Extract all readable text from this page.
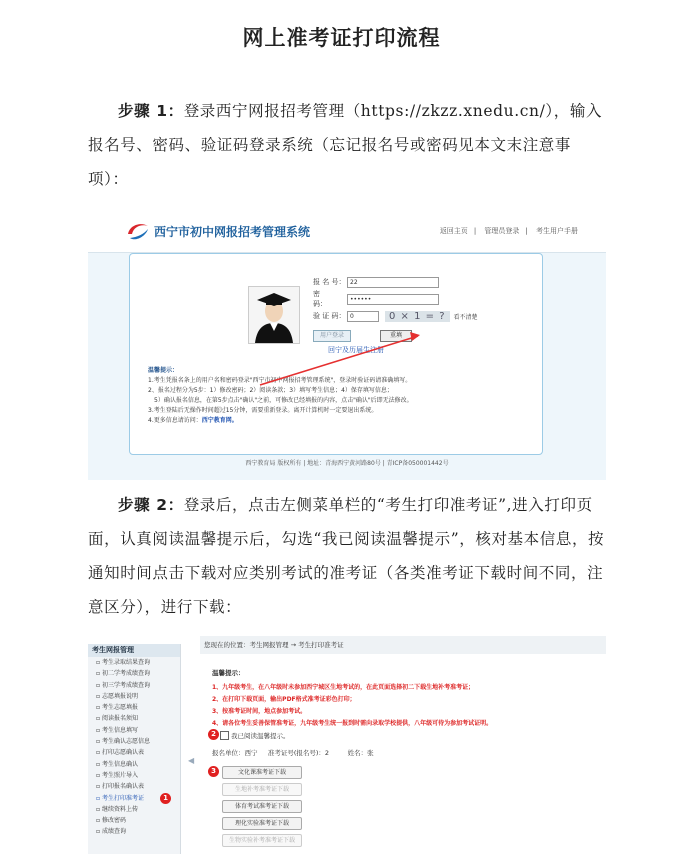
网上准考证打印流程
步骤 1：登录西宁网报招考管理（https://zkzz.xnedu.cn/），输入报名号、密码、验证码登录系统（忘记报名号或密码见本文末注意事项）：
西宁市初中网报招考管理系统	返回主页 | 管理员登录 | 考生用户手册
报 名 号： 22
密　　码：
••••••
验 证 码： 0	0 × 1 = ?	看不清楚
用户登录	重填
回宁及历届生注册
温馨提示：
1.考生凭报名条上的用户名和密码登录"西宁市初中网报招考管理系统"，登录时验证码请准确填写。
2、报名过程分为5步：1）修改密码；2）阅读条款；3）填写考生信息；4）保存填写信息；
　5）确认报名信息，在第5步点击"确认"之前，可修改已经填报的内容，点击"确认"后即无法修改。
3.考生登陆后无操作时间超过15分钟，需要重新登录。离开计算机时一定要退出系统。
4.更多信息请访问：西宁教育网。
西宁教育局 版权所有 | 地址：青海西宁黄河路80号 | 青ICP备050001442号
步骤 2：登录后，点击左侧菜单栏的“考生打印准考证”,进入打印页面，认真阅读温馨提示后，勾选“我已阅读温馨提示”，核对基本信息，按通知时间点击下载对应类别考试的准考证（各类准考证下载时间不同，注意区分），进行下载：
考生网报管理
▫ 考生录取结果查询
▫ 初二学考成绩查询
▫ 初三学考成绩查询
▫ 志愿填报说明
▫ 考生志愿填报
▫ 阅读报名须知
▫ 考生信息填写
▫ 考生确认志愿信息
▫ 打印志愿确认表
▫ 考生信息确认
▫ 考生照片导入
▫ 打印报名确认表
▫ 考生打印准考证	1
▫ 继续资料上传
▫ 修改密码
▫ 成绩查询
◀
您现在的位置：考生网报管理 → 考生打印准考证
温馨提示：
1、九年级考生，在八年级时未参加西宁城区生地考试的，在此页面选择初二下载生地补考准考证；
2、在打印下载页面，输出PDF格式准考证彩色打印；
3、按准考证时间，地点参加考试。
4、请各位考生妥善保管准考证，九年级考生统一报到时需向录取学校提供，八年级可待为参加考试证明。
2	我已阅读温馨提示。
报名单位：西宁 准考证号(报名号)：2	姓名：张
3	文化课准考证下载
生地补考准考证下载
体育考试准考证下载
理化实验准考证下载
生物实验补考准考证下载
